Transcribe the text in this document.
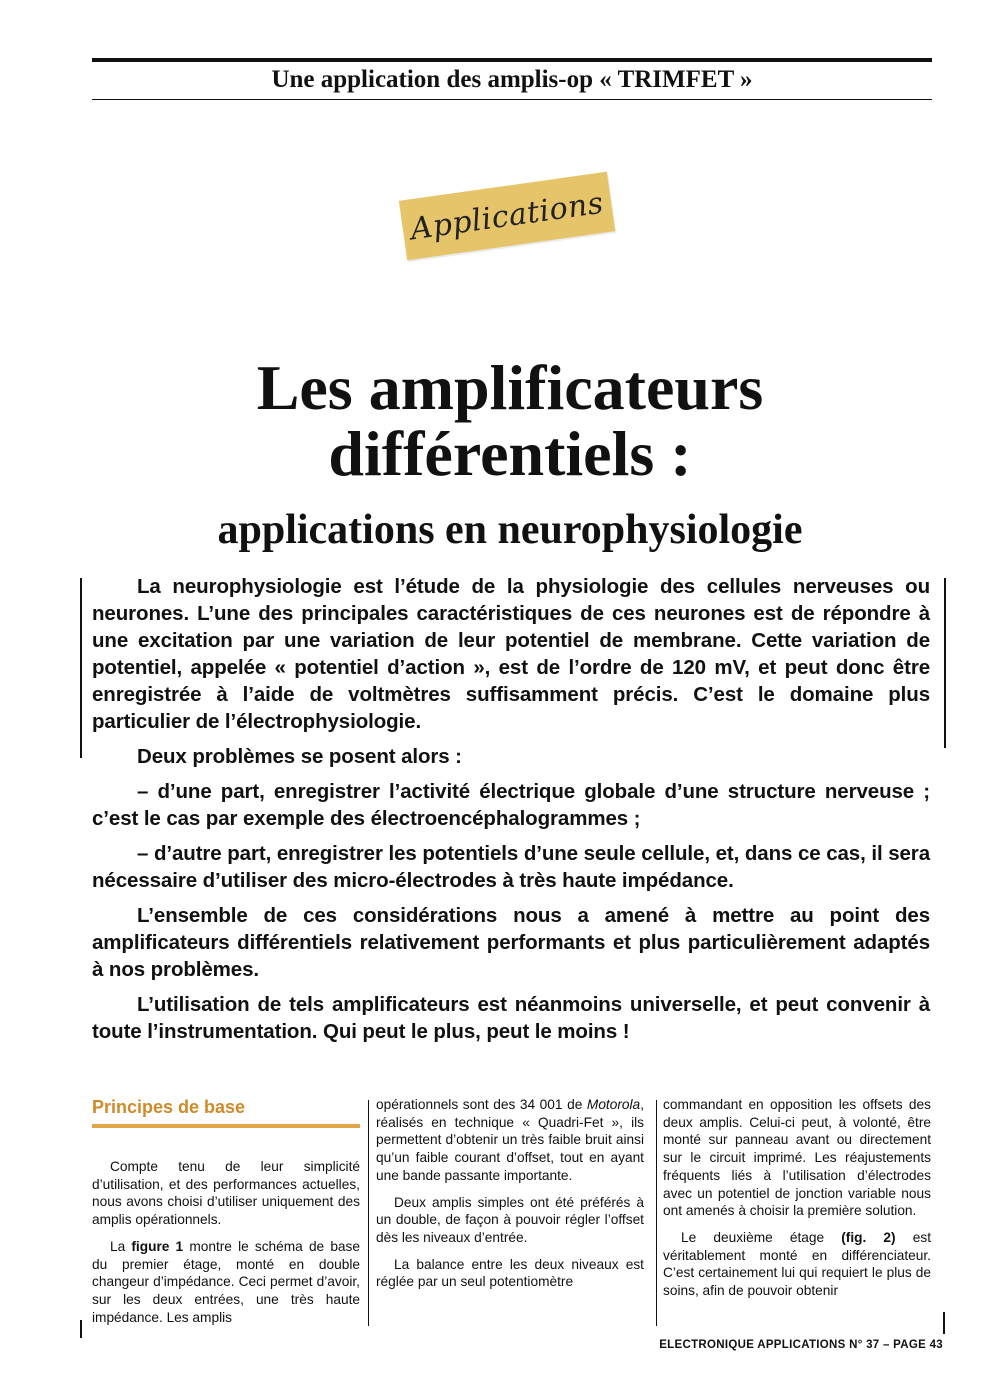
Une application des amplis-op « TRIMFET »
Applications
Les amplificateurs
différentiels :
applications en neurophysiologie

La neurophysiologie est l’étude de la physiologie des cellules nerveuses ou neurones. L’une des principales caractéristiques de ces neurones est de répondre à une excitation par une variation de leur potentiel de membrane. Cette variation de potentiel, appelée « potentiel d’action », est de l’ordre de 120 mV, et peut donc être enregistrée à l’aide de voltmètres suffisamment précis. C’est le domaine plus particulier de l’électrophysiologie.

Deux problèmes se posent alors :

– d’une part, enregistrer l’activité électrique globale d’une structure nerveuse ; c’est le cas par exemple des électroencéphalogrammes ;

– d’autre part, enregistrer les potentiels d’une seule cellule, et, dans ce cas, il sera nécessaire d’utiliser des micro-électrodes à très haute impédance.

L’ensemble de ces considérations nous a amené à mettre au point des amplificateurs différentiels relativement performants et plus particulièrement adaptés à nos problèmes.

L’utilisation de tels amplificateurs est néanmoins universelle, et peut convenir à toute l’instrumentation. Qui peut le plus, peut le moins !

Principes de base

Compte tenu de leur simplicité d’utilisation, et des performances actuelles, nous avons choisi d’utiliser uniquement des amplis opérationnels.

La figure 1 montre le schéma de base du premier étage, monté en double changeur d’impédance. Ceci permet d’avoir, sur les deux entrées, une très haute impédance. Les amplis

opérationnels sont des 34 001 de Motorola, réalisés en technique « Quadri-Fet », ils permettent d’obtenir un très faible bruit ainsi qu’un faible courant d’offset, tout en ayant une bande passante importante.

Deux amplis simples ont été préférés à un double, de façon à pouvoir régler l’offset dès les niveaux d’entrée.

La balance entre les deux niveaux est réglée par un seul potentiomètre

commandant en opposition les offsets des deux amplis. Celui-ci peut, à volonté, être monté sur panneau avant ou directement sur le circuit imprimé. Les réajustements fréquents liés à l’utilisation d’électrodes avec un potentiel de jonction variable nous ont amenés à choisir la première solution.

Le deuxième étage (fig. 2) est véritablement monté en différenciateur. C’est certainement lui qui requiert le plus de soins, afin de pouvoir obtenir

ELECTRONIQUE APPLICATIONS N° 37 – PAGE 43
